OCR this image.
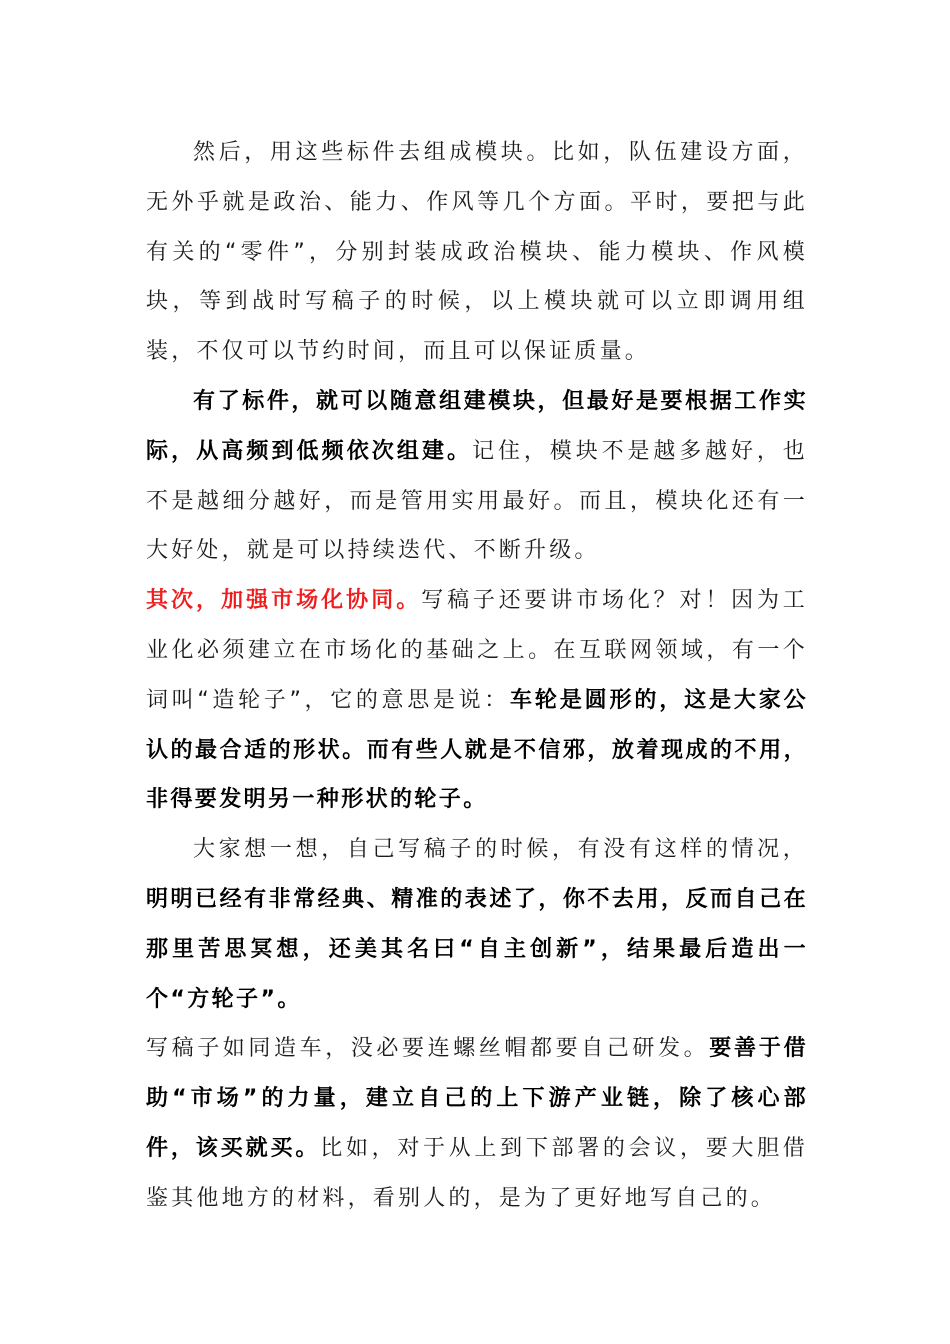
然后，用这些标件去组成模块。比如，队伍建设方面，无外乎就是政治、能力、作风等几个方面。平时，要把与此有关的“零件”，分别封装成政治模块、能力模块、作风模块，等到战时写稿子的时候，以上模块就可以立即调用组装，不仅可以节约时间，而且可以保证质量。

有了标件，就可以随意组建模块，但最好是要根据工作实际，从高频到低频依次组建。记住，模块不是越多越好，也不是越细分越好，而是管用实用最好。而且，模块化还有一大好处，就是可以持续迭代、不断升级。

其次，加强市场化协同。写稿子还要讲市场化？对！因为工业化必须建立在市场化的基础之上。在互联网领域，有一个词叫“造轮子”，它的意思是说：车轮是圆形的，这是大家公认的最合适的形状。而有些人就是不信邪，放着现成的不用，非得要发明另一种形状的轮子。

大家想一想，自己写稿子的时候，有没有这样的情况，明明已经有非常经典、精准的表述了，你不去用，反而自己在那里苦思冥想，还美其名曰“自主创新”，结果最后造出一个“方轮子”。

写稿子如同造车，没必要连螺丝帽都要自己研发。要善于借助“市场”的力量，建立自己的上下游产业链，除了核心部件，该买就买。比如，对于从上到下部署的会议，要大胆借鉴其他地方的材料，看别人的，是为了更好地写自己的。
